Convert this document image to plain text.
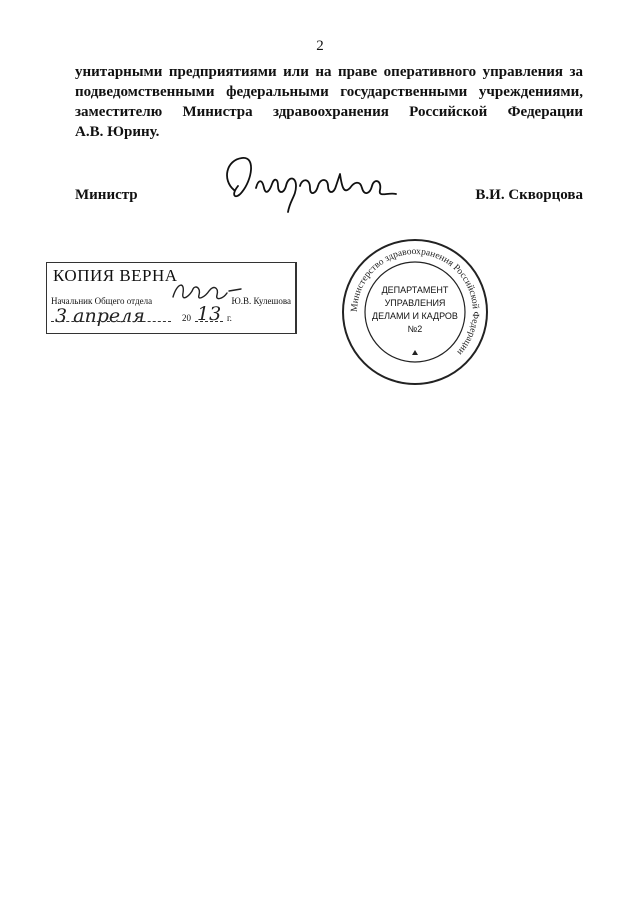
2
унитарными предприятиями или на праве оперативного управления за
подведомственными федеральными государственными учреждениями,
заместителю Министра здравоохранения Российской Федерации
А.В. Юрину.
Министр	В.И. Скворцова
КОПИЯ ВЕРНА
Начальник Общего отдела	Ю.В. Кулешова
3 апреля	20 13 г.
Министерство здравоохранения Российской Федерации
ДЕПАРТАМЕНТ
УПРАВЛЕНИЯ
ДЕЛАМИ И КАДРОВ
№2
